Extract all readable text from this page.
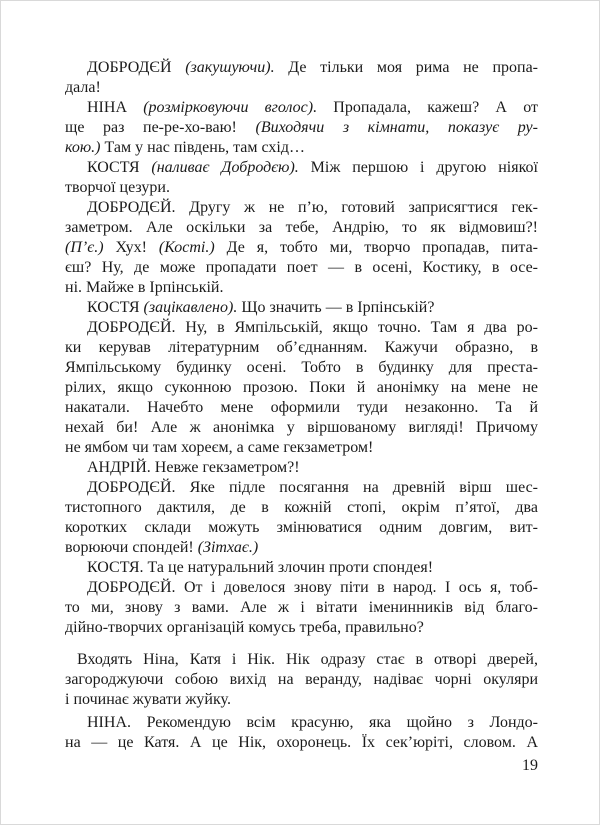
ДОБРОДЄЙ (закушуючи). Де тільки моя рима не пропа-
дала!
НІНА (розмірковуючи вголос). Пропадала, кажеш? А от
ще раз пе-ре-хо-ваю! (Виходячи з кімнати, показує ру-
кою.) Там у нас південь, там схід…
КОСТЯ (наливає Добродєю). Між першою і другою ніякої
творчої цезури.
ДОБРОДЄЙ. Другу ж не п’ю, готовий заприсягтися гек-
заметром. Але оскільки за тебе, Андрію, то як відмовиш?!
(П’є.) Хух! (Кості.) Де я, тобто ми, творчо пропадав, пита-
єш? Ну, де може пропадати поет — в осені, Костику, в осе-
ні. Майже в Ірпінській.
КОСТЯ (зацікавлено). Що значить — в Ірпінській?
ДОБРОДЄЙ. Ну, в Ямпільській, якщо точно. Там я два ро-
ки керував літературним об’єднанням. Кажучи образно, в
Ямпільському будинку осені. Тобто в будинку для преста-
рілих, якщо суконною прозою. Поки й анонімку на мене не
накатали. Начебто мене оформили туди незаконно. Та й
нехай би! Але ж анонімка у віршованому вигляді! Причому
не ямбом чи там хореєм, а саме гекзаметром!
АНДРІЙ. Невже гекзаметром?!
ДОБРОДЄЙ. Яке підле посягання на древній вірш шес-
тистопного дактиля, де в кожній стопі, окрім п’ятої, два
коротких склади можуть змінюватися одним довгим, вит-
ворюючи спондей! (Зітхає.)
КОСТЯ. Та це натуральний злочин проти спондея!
ДОБРОДЄЙ. От і довелося знову піти в народ. І ось я, тоб-
то ми, знову з вами. Але ж і вітати іменинників від благо-
дійно-творчих організацій комусь треба, правильно?
Входять Ніна, Катя і Нік. Нік одразу стає в отворі дверей,
загороджуючи собою вихід на веранду, надіває чорні окуляри
і починає жувати жуйку.
НІНА. Рекомендую всім красуню, яка щойно з Лондо-
на — це Катя. А це Нік, охоронець. Їх сек’юріті, словом. А
19
